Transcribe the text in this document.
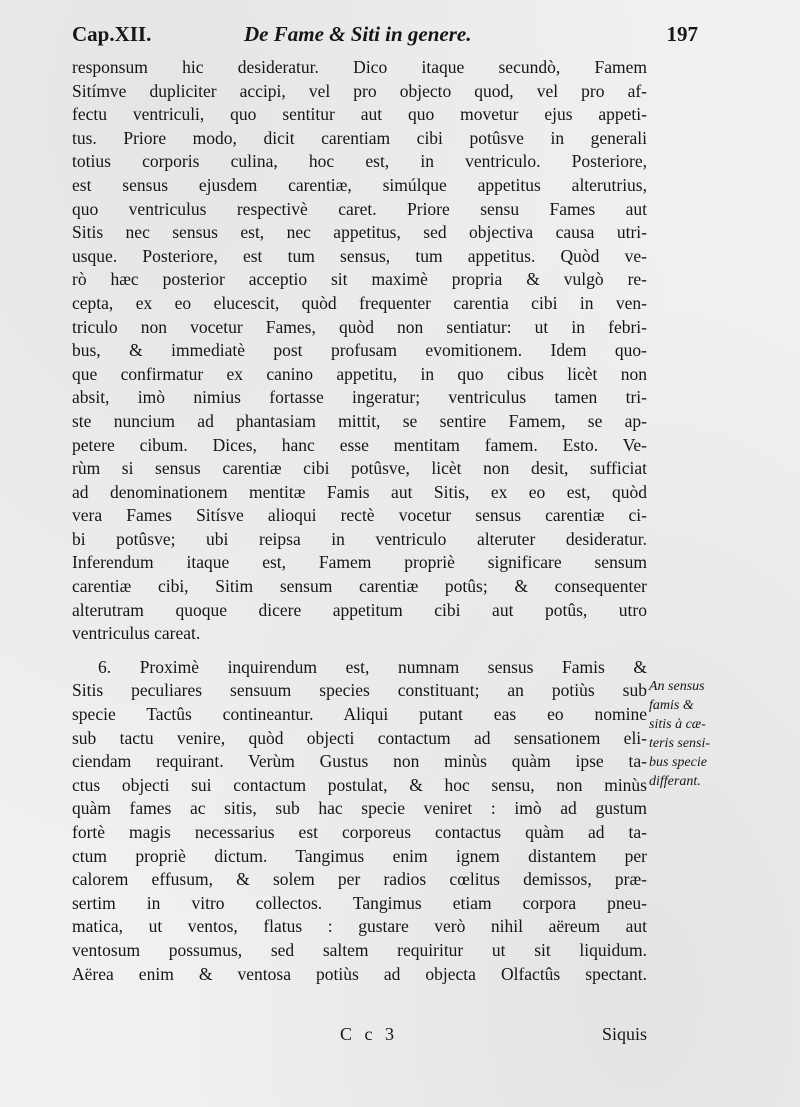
Cap.XII.	De Fame & Siti in genere.	197
responsum hic desideratur. Dico itaque secundò, Famem
Sitímve dupliciter accipi, vel pro objecto quod, vel pro af-
fectu ventriculi, quo sentitur aut quo movetur ejus appeti-
tus. Priore modo, dicit carentiam cibi potûsve in generali
totius corporis culina, hoc est, in ventriculo. Posteriore,
est sensus ejusdem carentiæ, simúlque appetitus alterutrius,
quo ventriculus respectivè caret. Priore sensu Fames aut
Sitis nec sensus est, nec appetitus, sed objectiva causa utri-
usque. Posteriore, est tum sensus, tum appetitus. Quòd ve-
rò hæc posterior acceptio sit maximè propria & vulgò re-
cepta, ex eo elucescit, quòd frequenter carentia cibi in ven-
triculo non vocetur Fames, quòd non sentiatur: ut in febri-
bus, & immediatè post profusam evomitionem. Idem quo-
que confirmatur ex canino appetitu, in quo cibus licèt non
absit, imò nimius fortasse ingeratur; ventriculus tamen tri-
ste nuncium ad phantasiam mittit, se sentire Famem, se ap-
petere cibum. Dices, hanc esse mentitam famem. Esto. Ve-
rùm si sensus carentiæ cibi potûsve, licèt non desit, sufficiat
ad denominationem mentitæ Famis aut Sitis, ex eo est, quòd
vera Fames Sitísve alioqui rectè vocetur sensus carentiæ ci-
bi potûsve; ubi reipsa in ventriculo alteruter desideratur.
Inferendum itaque est, Famem propriè significare sensum
carentiæ cibi, Sitim sensum carentiæ potûs; & consequenter
alterutram quoque dicere appetitum cibi aut potûs, utro
ventriculus careat.
6. Proximè inquirendum est, numnam sensus Famis &
Sitis peculiares sensuum species constituant; an potiùs sub
specie Tactûs contineantur. Aliqui putant eas eo nomine
sub tactu venire, quòd objecti contactum ad sensationem eli-
ciendam requirant. Verùm Gustus non minùs quàm ipse ta-
ctus objecti sui contactum postulat, & hoc sensu, non minùs
quàm fames ac sitis, sub hac specie veniret : imò ad gustum
fortè magis necessarius est corporeus contactus quàm ad ta-
ctum propriè dictum. Tangimus enim ignem distantem per
calorem effusum, & solem per radios cœlitus demissos, præ-
sertim in vitro collectos. Tangimus etiam corpora pneu-
matica, ut ventos, flatus : gustare verò nihil aëreum aut
ventosum possumus, sed saltem requiritur ut sit liquidum.
Aërea enim & ventosa potiùs ad objecta Olfactûs spectant.
An sensus
famis &
sitis à cæ-
teris sensi-
bus specie
differant.
C c 3	Siquis
